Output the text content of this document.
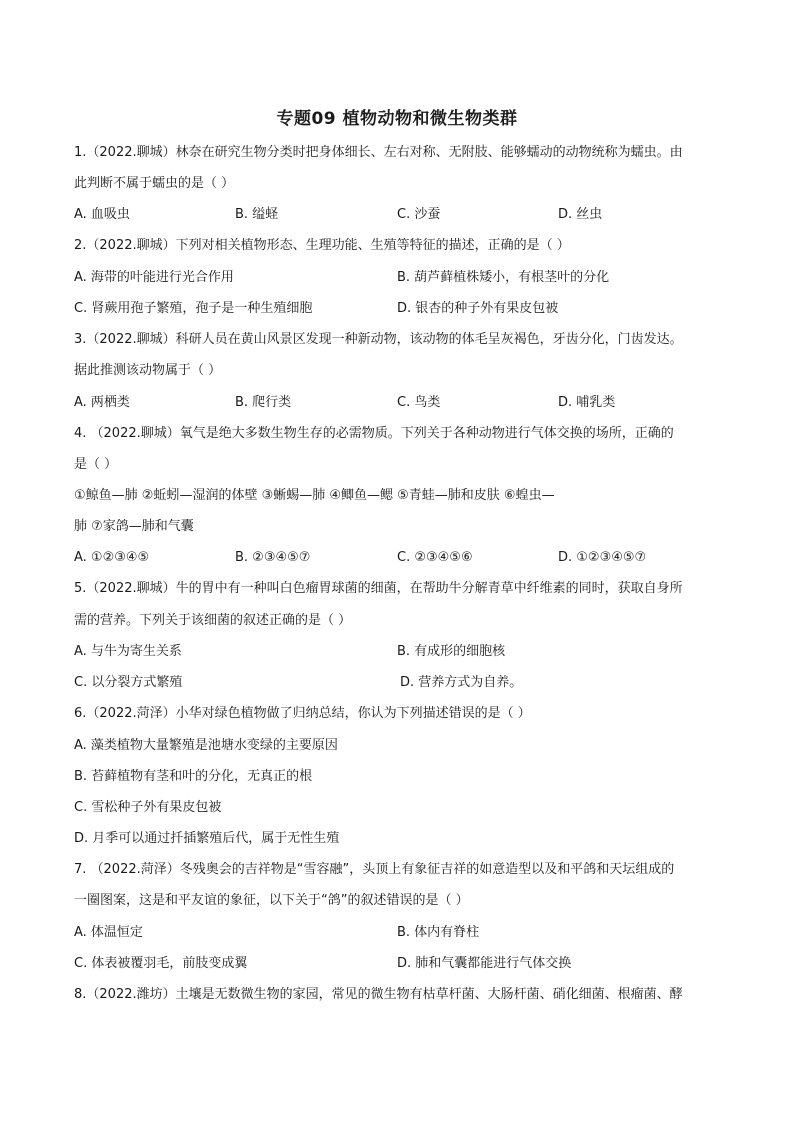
专题09 植物动物和微生物类群
1.（2022.聊城）林奈在研究生物分类时把身体细长、左右对称、无附肢、能够蠕动的动物统称为蠕虫。由
此判断不属于蠕虫的是（ ）
A. 血吸虫	B. 缢蛏	C. 沙蚕	D. 丝虫
2.（2022.聊城）下列对相关植物形态、生理功能、生殖等特征的描述，正确的是（ ）
A. 海带的叶能进行光合作用	B. 葫芦藓植株矮小，有根茎叶的分化
C. 肾蕨用孢子繁殖，孢子是一种生殖细胞	D. 银杏的种子外有果皮包被
3.（2022.聊城）科研人员在黄山风景区发现一种新动物，该动物的体毛呈灰褐色，牙齿分化，门齿发达。
据此推测该动物属于（ ）
A. 两栖类	B. 爬行类	C. 鸟类	D. 哺乳类
4. （2022.聊城）氧气是绝大多数生物生存的必需物质。下列关于各种动物进行气体交换的场所，正确的
是（ ）
①鲸鱼—肺 ②蚯蚓—湿润的体壁 ③蜥蜴—肺 ④鲫鱼—鳃 ⑤青蛙—肺和皮肤 ⑥蝗虫—
肺 ⑦家鸽—肺和气囊
A. ①②③④⑤	B. ②③④⑤⑦	C. ②③④⑤⑥	D. ①②③④⑤⑦
5.（2022.聊城）牛的胃中有一种叫白色瘤胃球菌的细菌，在帮助牛分解青草中纤维素的同时，获取自身所
需的营养。下列关于该细菌的叙述正确的是（ ）
A. 与牛为寄生关系	B. 有成形的细胞核
C. 以分裂方式繁殖	D. 营养方式为自养。
6.（2022.菏泽）小华对绿色植物做了归纳总结，你认为下列描述错误的是（ ）
A. 藻类植物大量繁殖是池塘水变绿的主要原因
B. 苔藓植物有茎和叶的分化，无真正的根
C. 雪松种子外有果皮包被
D. 月季可以通过扦插繁殖后代，属于无性生殖
7. （2022.菏泽）冬残奥会的吉祥物是“雪容融”，头顶上有象征吉祥的如意造型以及和平鸽和天坛组成的
一圈图案，这是和平友谊的象征，以下关于“鸽”的叙述错误的是（ ）
A. 体温恒定	B. 体内有脊柱
C. 体表被覆羽毛，前肢变成翼	D. 肺和气囊都能进行气体交换
8.（2022.潍坊）土壤是无数微生物的家园，常见的微生物有枯草杆菌、大肠杆菌、硝化细菌、根瘤菌、酵
